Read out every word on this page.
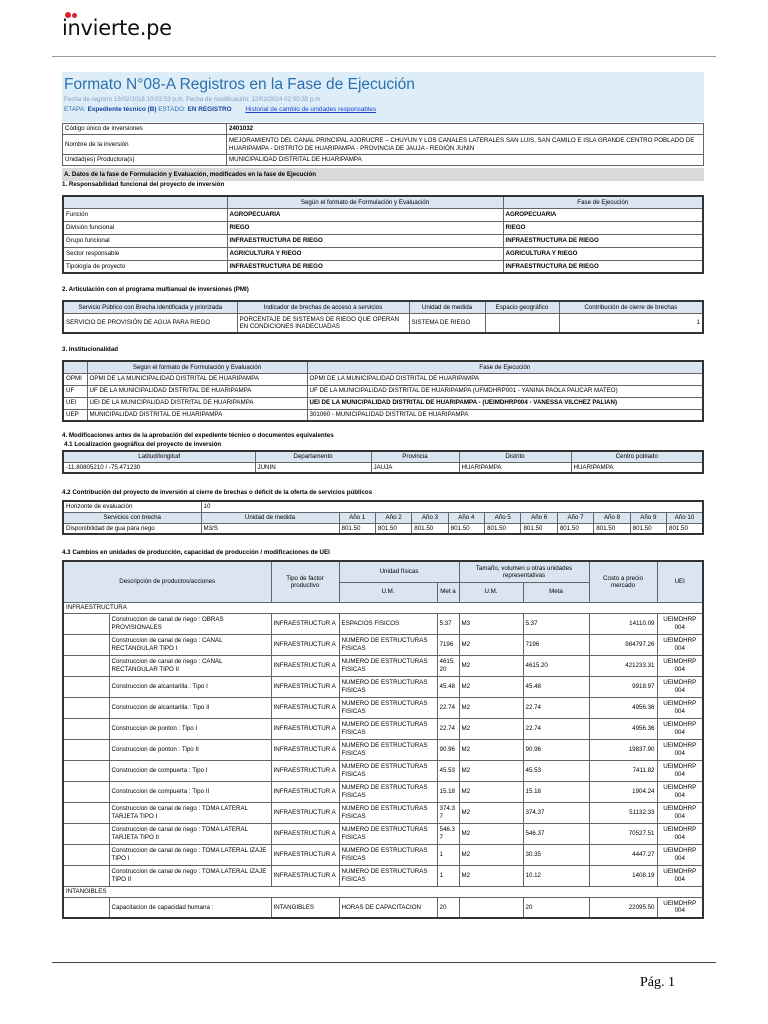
invierte.pe
Formato N°08-A Registros en la Fase de Ejecución
Fecha de registro 15/02/2018 10:03:53 p.m. Fecha de modificación: 12/02/2024 02:00:35 p.m.
ETAPA: Expediente técnico (B) ESTADO: EN REGISTRO Historial de cambio de unidades responsables
Código único de inversiones	2401032
Nombre de la inversión	MEJORAMIENTO DEL CANAL PRINCIPAL AJORUCRE – CHUYUN Y LOS CANALES LATERALES SAN LUIS, SAN CAMILO E ISLA GRANDE CENTRO POBLADO DE HUARIPAMPA - DISTRITO DE HUARIPAMPA - PROVINCIA DE JAUJA - REGIÓN JUNIN
Unidad(es) Productora(s)	MUNICIPALIDAD DISTRITAL DE HUARIPAMPA
A. Datos de la fase de Formulación y Evaluación, modificados en la fase de Ejecución
1. Responsabilidad funcional del proyecto de inversión
	Según el formato de Formulación y Evaluación	Fase de Ejecución
Función	AGROPECUARIA	AGROPECUARIA
División funcional	RIEGO	RIEGO
Grupo funcional	INFRAESTRUCTURA DE RIEGO	INFRAESTRUCTURA DE RIEGO
Sector responsable	AGRICULTURA Y RIEGO	AGRICULTURA Y RIEGO
Tipología de proyecto	INFRAESTRUCTURA DE RIEGO	INFRAESTRUCTURA DE RIEGO
2. Articulación con el programa multianual de inversiones (PMI)
Servicio Público con Brecha identificada y priorizada	Indicador de brechas de acceso a servicios	Unidad de medida	Espacio geográfico	Contribución de cierre de brechas
SERVICIO DE PROVISIÓN DE AGUA PARA RIEGO	PORCENTAJE DE SISTEMAS DE RIEGO QUE OPERAN EN CONDICIONES INADECUADAS	SISTEMA DE RIEGO		1
3. Institucionalidad
	Según el formato de Formulación y Evaluación	Fase de Ejecución
OPMI	OPMI DE LA MUNICIPALIDAD DISTRITAL DE HUARIPAMPA	OPMI DE LA MUNICIPALIDAD DISTRITAL DE HUARIPAMPA
UF	UF DE LA MUNICIPALIDAD DISTRITAL DE HUARIPAMPA	UF DE LA MUNICIPALIDAD DISTRITAL DE HUARIPAMPA (UFMDHRP001 - YANINA PAOLA PAUCAR MATEO)
UEI	UEI DE LA MUNICIPALIDAD DISTRITAL DE HUARIPAMPA	UEI DE LA MUNICIPALIDAD DISTRITAL DE HUARIPAMPA - (UEIMDHRP004 - VANESSA VILCHEZ PALIAN)
UEP	MUNICIPALIDAD DISTRITAL DE HUARIPAMPA	301060 - MUNICIPALIDAD DISTRITAL DE HUARIPAMPA
4. Modificaciones antes de la aprobación del expediente técnico o documentos equivalentes
4.1 Localización geográfica del proyecto de inversión
Latitud/longitud	Departamento	Provincia	Distrito	Centro poblado
-11.80805210 / -75.471230	JUNIN	JAUJA	HUARIPAMPA	HUARIPAMPA
4.2 Contribución del proyecto de inversión al cierre de brechas o déficit de la oferta de servicios públicos
Horizonte de evaluación	10										
Servicios con brecha	Unidad de medida	Año 1	Año 2	Año 3	Año 4	Año 5	Año 6	Año 7	Año 8	Año 9	Año 10
Disponibilidad de gua para riego	M3/S	801.50	801.50	801.50	801.50	801.50	801.50	801.50	801.50	801.50	801.50
4.3 Cambios en unidades de producción, capacidad de producción / modificaciones de UEI
Descripción de productos/acciones		Tipo de factor productivo	Unidad físicas		Tamaño, volumen u otras unidades representativas		Costo a precio mercado	UEI
			U.M.	Met a	U.M.	Meta		
INFRAESTRUCTURA								
	Construccion de canal de riego : OBRAS PROVISIONALES	INFRAESTRUCTUR A	ESPACIOS FISICOS	5.37	M3	5.37	14110.09	UEIMDHRP 004
	Construccion de canal de riego : CANAL RECTANGULAR TIPO I	INFRAESTRUCTUR A	NUMERO DE ESTRUCTURAS FISICAS	7196	M2	7196	984797.26	UEIMDHRP 004
	Construccion de canal de riego : CANAL RECTANGULAR TIPO II	INFRAESTRUCTUR A	NUMERO DE ESTRUCTURAS FISICAS	4615. 20	M2	4615.20	421233.31	UEIMDHRP 004
	Construccion de alcantarilla : Tipo I	INFRAESTRUCTUR A	NUMERO DE ESTRUCTURAS FISICAS	45.48	M2	45.48	9918.97	UEIMDHRP 004
	Construccion de alcantarilla : Tipo II	INFRAESTRUCTUR A	NUMERO DE ESTRUCTURAS FISICAS	22.74	M2	22.74	4956.36	UEIMDHRP 004
	Construccion de ponton : Tipo I	INFRAESTRUCTUR A	NUMERO DE ESTRUCTURAS FISICAS	22.74	M2	22.74	4956.36	UEIMDHRP 004
	Construccion de ponton : Tipo II	INFRAESTRUCTUR A	NUMERO DE ESTRUCTURAS FISICAS	90.96	M2	90.96	19837.90	UEIMDHRP 004
	Construccion de compuerta : Tipo I	INFRAESTRUCTUR A	NUMERO DE ESTRUCTURAS FISICAS	45.53	M2	45.53	7411.82	UEIMDHRP 004
	Construccion de compuerta : Tipo II	INFRAESTRUCTUR A	NUMERO DE ESTRUCTURAS FISICAS	15.18	M2	15.18	1904.24	UEIMDHRP 004
	Construccion de canal de riego : TOMA LATERAL TARJETA TIPO I	INFRAESTRUCTUR A	NUMERO DE ESTRUCTURAS FISICAS	374.3 7	M2	374.37	51132.33	UEIMDHRP 004
	Construccion de canal de riego : TOMA LATERAL TARJETA TIPO II	INFRAESTRUCTUR A	NUMERO DE ESTRUCTURAS FISICAS	546.3 7	M2	546.37	70527.51	UEIMDHRP 004
	Construccion de canal de riego : TOMA LATERAL IZAJE TIPO I	INFRAESTRUCTUR A	NUMERO DE ESTRUCTURAS FISICAS	1	M2	30.35	4447.27	UEIMDHRP 004
	Construccion de canal de riego : TOMA LATERAL IZAJE TIPO II	INFRAESTRUCTUR A	NUMERO DE ESTRUCTURAS FISICAS	1	M2	10.12	1408.19	UEIMDHRP 004
INTANGIBLES								
	Capacitacion de capacidad humana :	INTANGIBLES	HORAS DE CAPACITACION	20		20	22095.50	UEIMDHRP 004
Pág. 1
